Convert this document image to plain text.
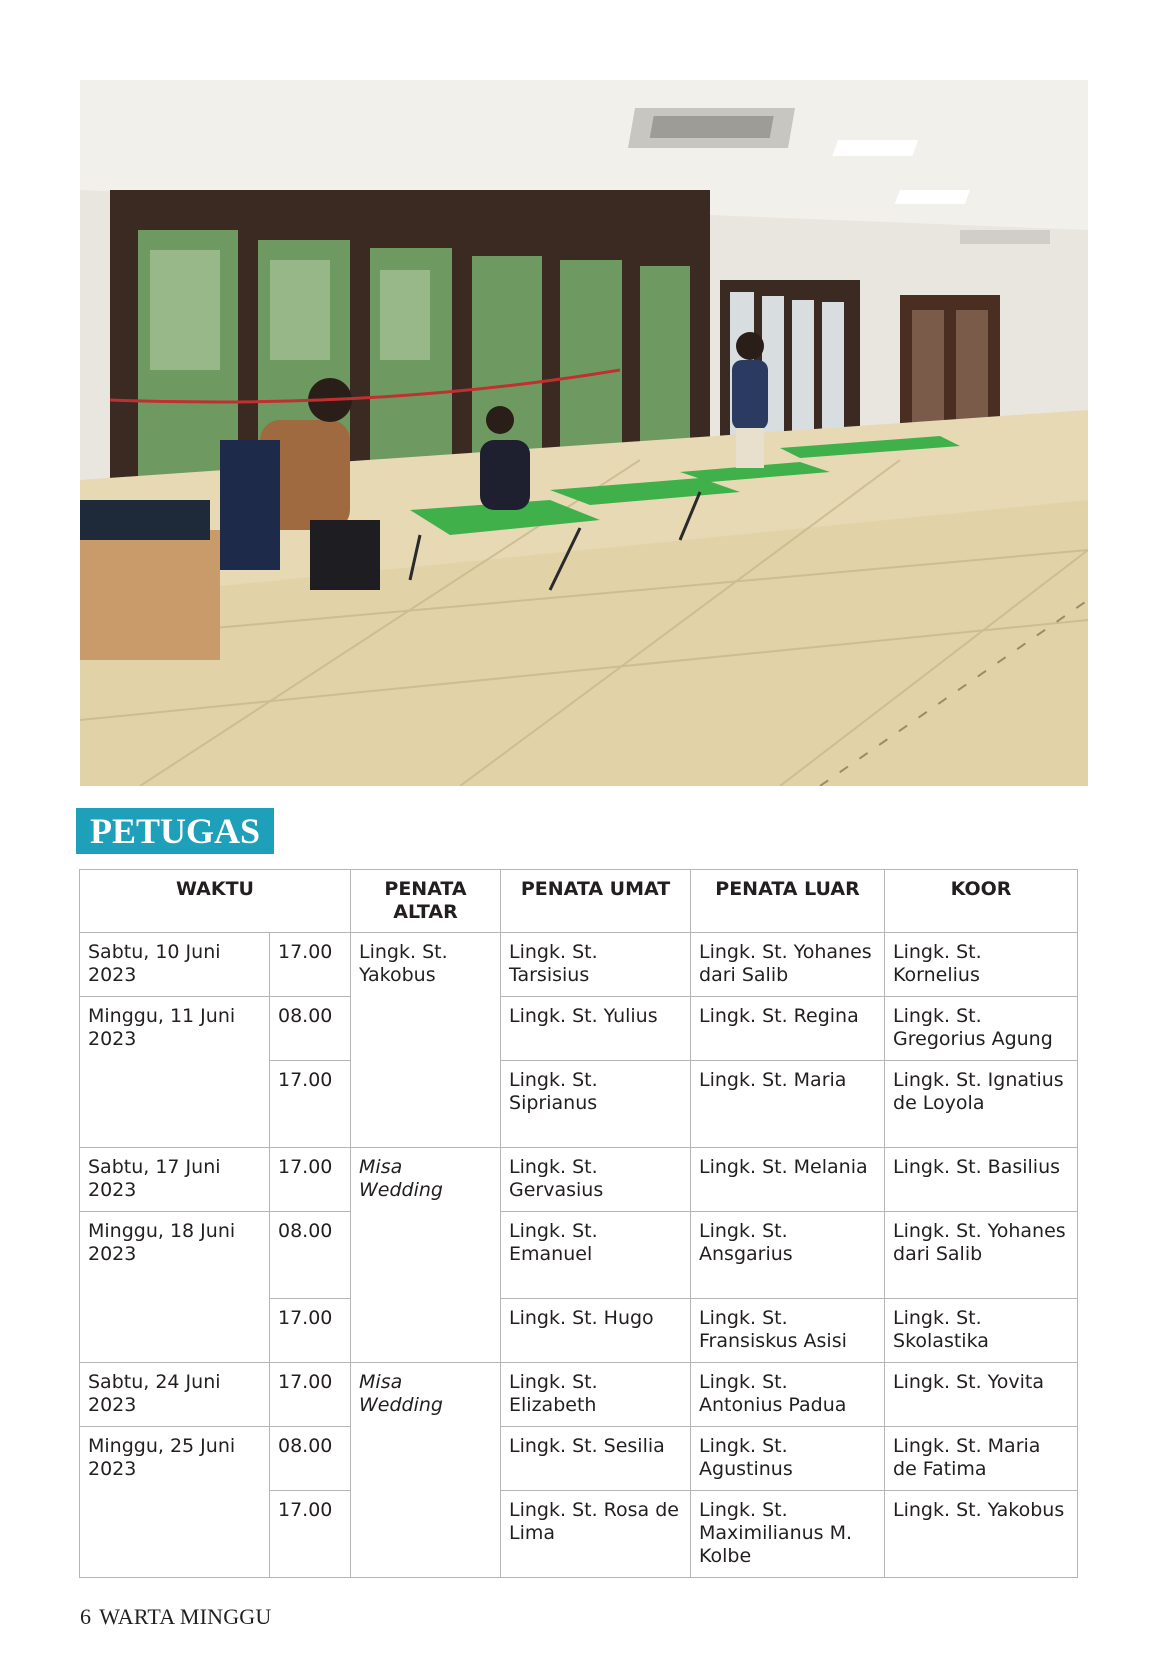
PETUGAS
WAKTU		PENATA ALTAR	PENATA UMAT	PENATA LUAR	KOOR
Sabtu, 10 Juni 2023	17.00	Lingk. St. Yakobus	Lingk. St. Tarsisius	Lingk. St. Yohanes dari Salib	Lingk. St. Kornelius
Minggu, 11 Juni 2023	08.00		Lingk. St. Yulius	Lingk. St. Regina	Lingk. St. Gregorius Agung
	17.00		Lingk. St. Siprianus	Lingk. St. Maria	Lingk. St. Ignatius de Loyola
Sabtu, 17 Juni 2023	17.00	Misa Wedding	Lingk. St. Gervasius	Lingk. St. Melania	Lingk. St. Basilius
Minggu, 18 Juni 2023	08.00		Lingk. St. Emanuel	Lingk. St. Ansgarius	Lingk. St. Yohanes dari Salib
	17.00		Lingk. St. Hugo	Lingk. St. Fransiskus Asisi	Lingk. St. Skolastika
Sabtu, 24 Juni 2023	17.00	Misa Wedding	Lingk. St. Elizabeth	Lingk. St. Antonius Padua	Lingk. St. Yovita
Minggu, 25 Juni 2023	08.00		Lingk. St. Sesilia	Lingk. St. Agustinus	Lingk. St. Maria de Fatima
	17.00		Lingk. St. Rosa de Lima	Lingk. St. Maximilianus M. Kolbe	Lingk. St. Yakobus
6 WARTA MINGGU
